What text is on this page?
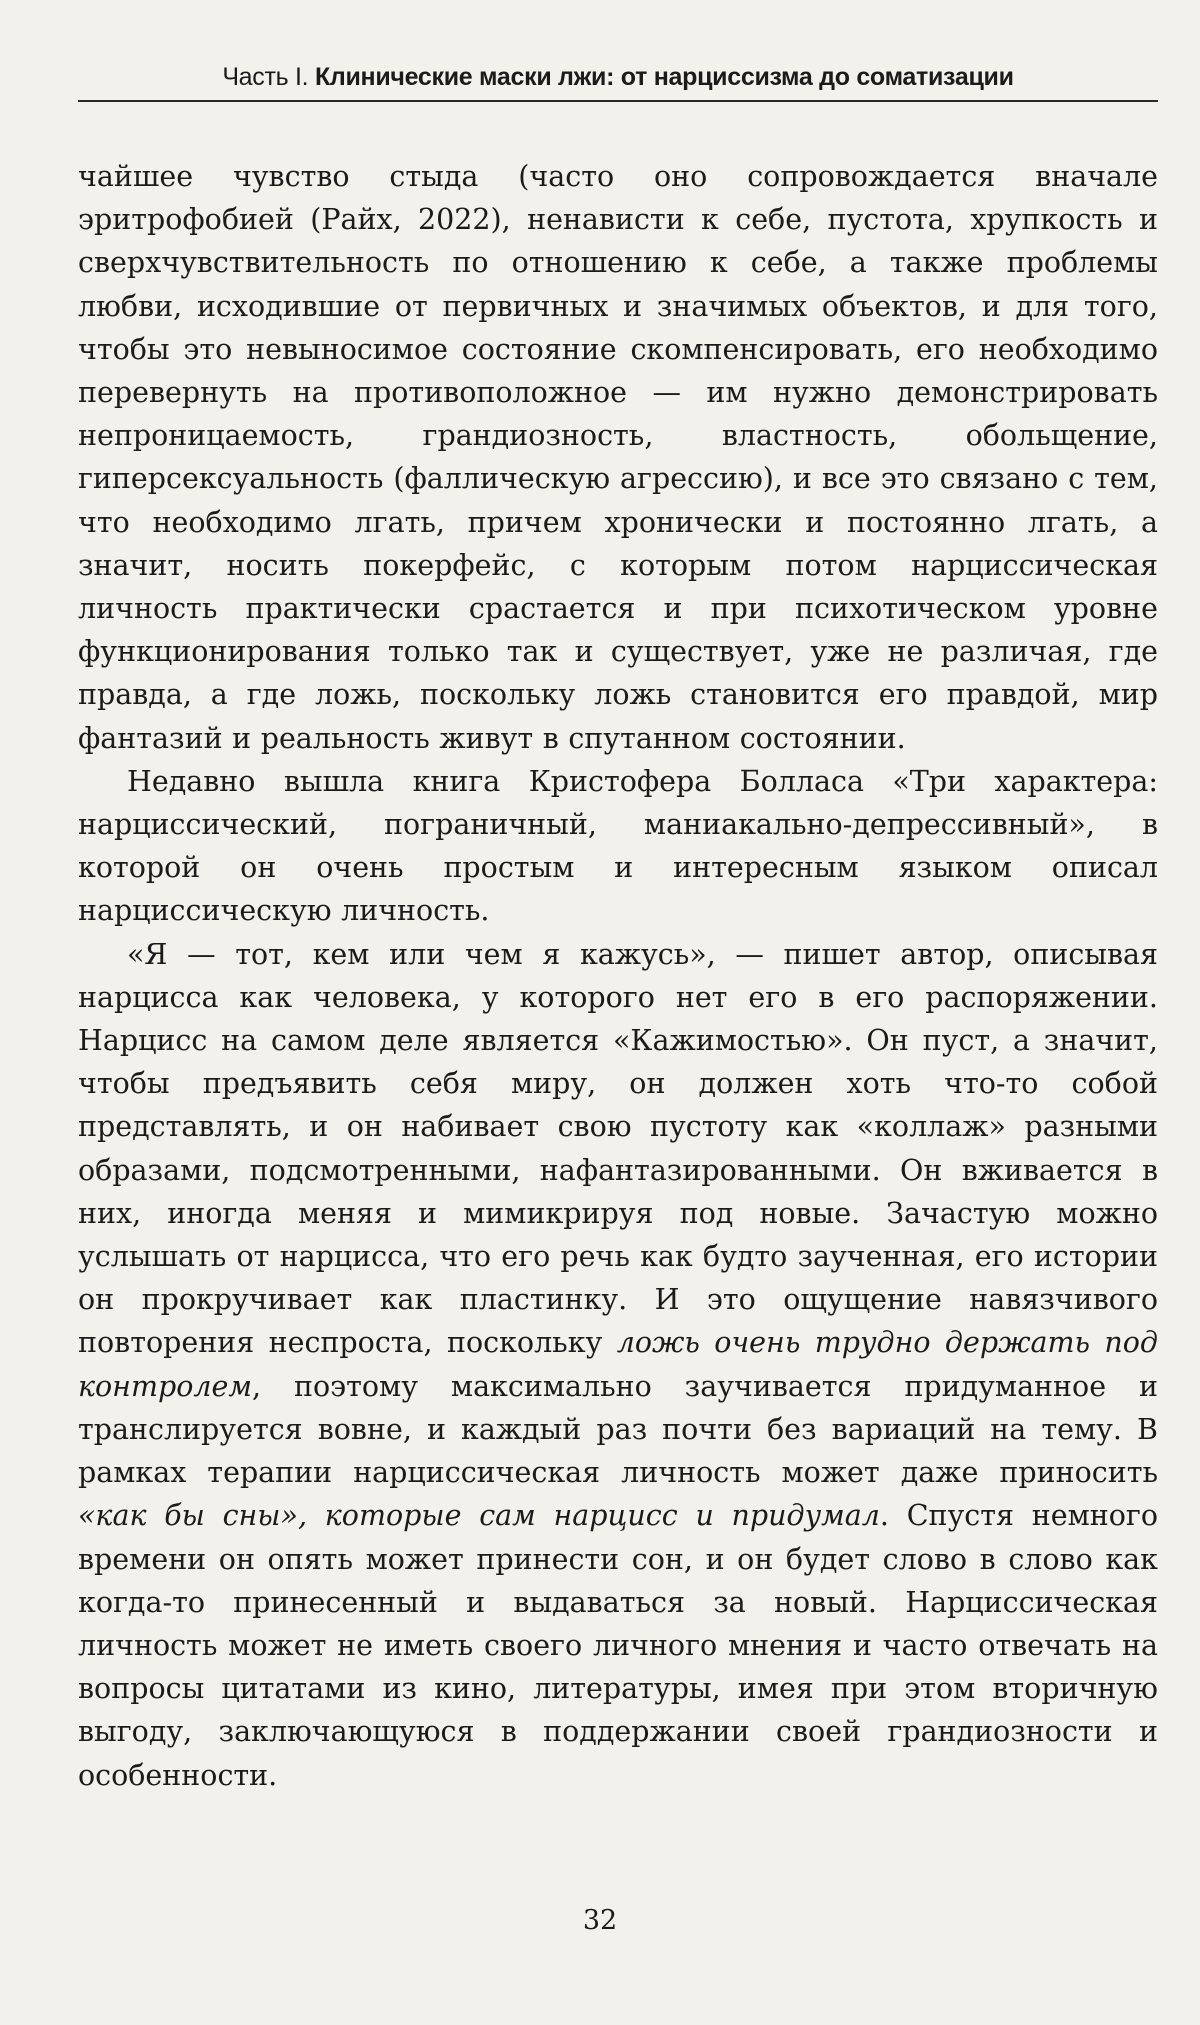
Часть I. Клинические маски лжи: от нарциссизма до соматизации

чайшее чувство стыда (часто оно сопровождается вначале эритрофобией (Райх, 2022), ненависти к себе, пустота, хрупкость и сверхчувствительность по отношению к себе, а также проблемы любви, исходившие от первичных и значимых объектов, и для того, чтобы это невыносимое состояние скомпенсировать, его необходимо перевернуть на противоположное — им нужно демонстрировать непроницаемость, грандиозность, властность, обольщение, гиперсексуальность (фаллическую агрессию), и все это связано с тем, что необходимо лгать, причем хронически и постоянно лгать, а значит, носить покерфейс, с которым потом нарциссическая личность практически срастается и при психотическом уровне функционирования только так и существует, уже не различая, где правда, а где ложь, поскольку ложь становится его правдой, мир фантазий и реальность живут в спутанном состоянии.

Недавно вышла книга Кристофера Болласа «Три характера: нарциссический, пограничный, маниакально-депрессивный», в которой он очень простым и интересным языком описал нарциссическую личность.

«Я — тот, кем или чем я кажусь», — пишет автор, описывая нарцисса как человека, у которого нет его в его распоряжении. Нарцисс на самом деле является «Кажимостью». Он пуст, а значит, чтобы предъявить себя миру, он должен хоть что-то собой представлять, и он набивает свою пустоту как «коллаж» разными образами, подсмотренными, нафантазированными. Он вживается в них, иногда меняя и мимикрируя под новые. Зачастую можно услышать от нарцисса, что его речь как будто заученная, его истории он прокручивает как пластинку. И это ощущение навязчивого повторения неспроста, поскольку ложь очень трудно держать под контролем, поэтому максимально заучивается придуманное и транслируется вовне, и каждый раз почти без вариаций на тему. В рамках терапии нарциссическая личность может даже приносить «как бы сны», которые сам нарцисс и придумал. Спустя немного времени он опять может принести сон, и он будет слово в слово как когда-то принесенный и выдаваться за новый. Нарциссическая личность может не иметь своего личного мнения и часто отвечать на вопросы цитатами из кино, литературы, имея при этом вторичную выгоду, заключающуюся в поддержании своей грандиозности и особенности.

32
